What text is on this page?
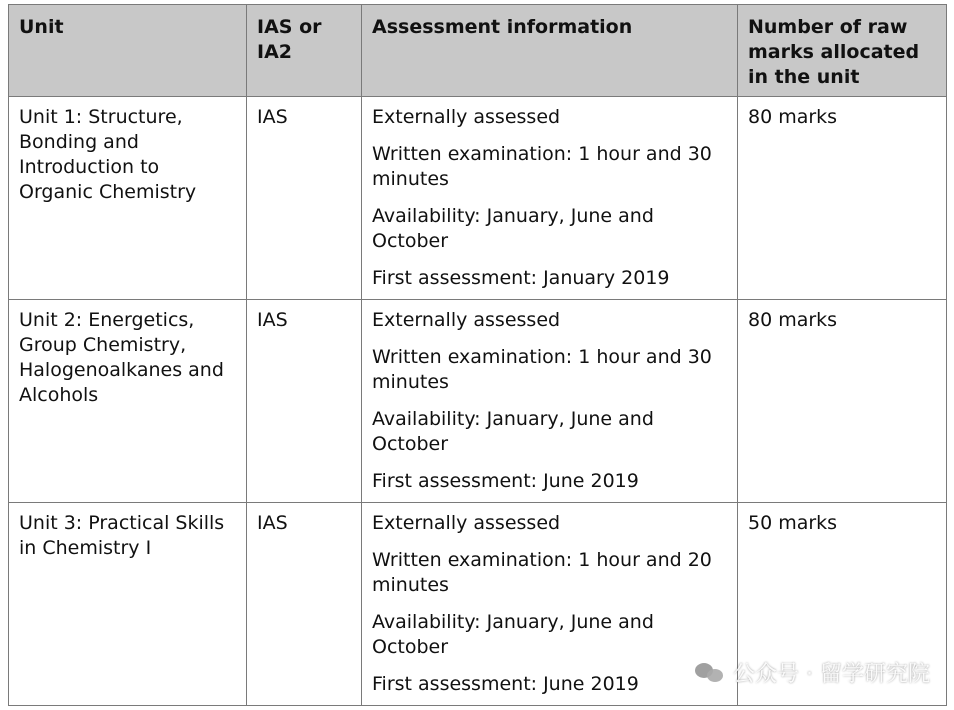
Unit	IAS or IA2	Assessment information	Number of raw marks allocated in the unit
Unit 1: Structure, Bonding and Introduction to Organic Chemistry	IAS	Externally assessed
Written examination: 1 hour and 30 minutes
Availability: January, June and October
First assessment: January 2019	80 marks
Unit 2: Energetics, Group Chemistry, Halogenoalkanes and Alcohols	IAS	Externally assessed
Written examination: 1 hour and 30 minutes
Availability: January, June and October
First assessment: June 2019	80 marks
Unit 3: Practical Skills in Chemistry I	IAS	Externally assessed
Written examination: 1 hour and 20 minutes
Availability: January, June and October
First assessment: June 2019	50 marks
公众号 · 留学研究院
